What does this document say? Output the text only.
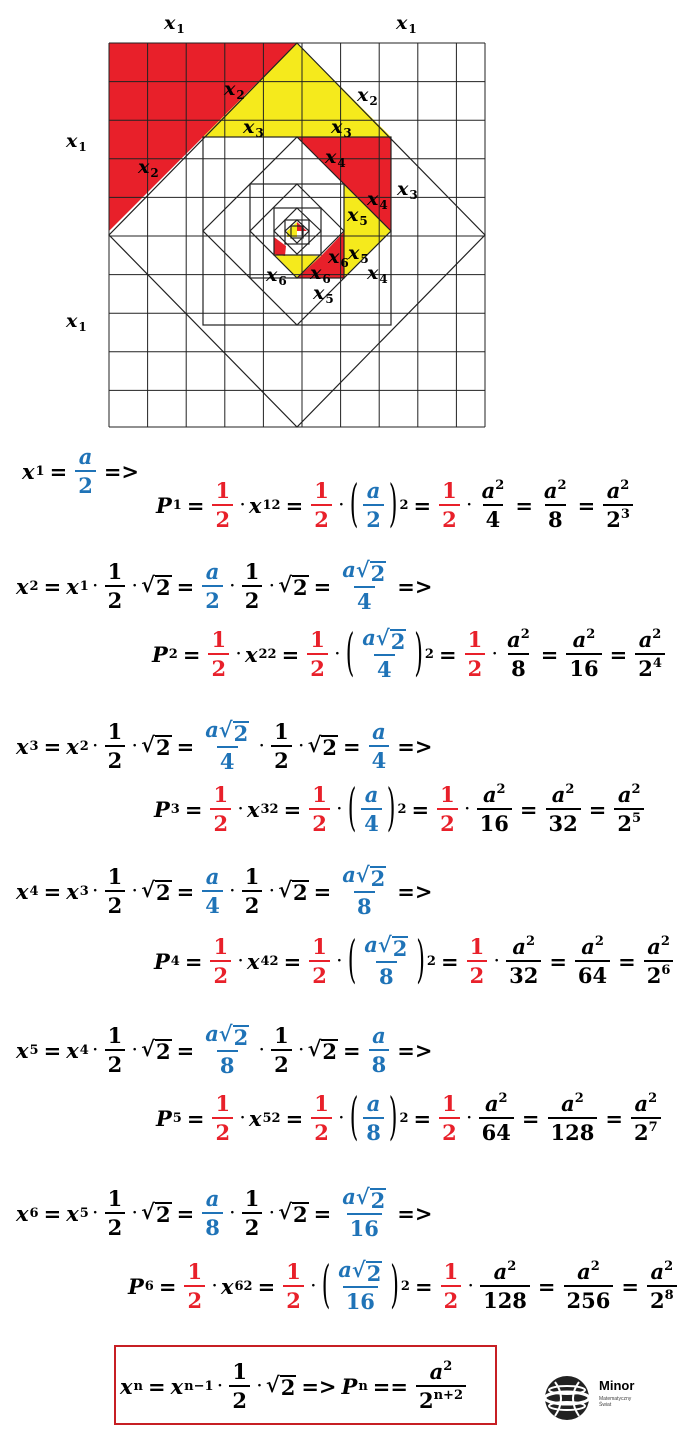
$x_1$	$x_1$
$x_1$
$x_1$
$x_2$	$x_2$
$x_2$
$x_3$	$x_3$
$x_3$
$x_4$
$x_4$
$x_4$
$x_5$
$x_5$
$x_5$
$x_6$
$x_6$
$x_6$
x $1 = \frac{a}{2}$ =>
P $1 = \frac{1}{2} \cdot x$ 1 $2 = \frac{1}{2}$ · ( a
2 ) $2 = \frac{1}{2} \cdot \frac{a^2}{4} = \frac{a^2}{8} = \frac{a^2}{2^3}$
x 2 = x 1 ·
1
2
· √ $2 = \frac{a}{2}$ ·
1
2
· √ $2 = \frac{a √ 2}{4}$ =>
P $2 = \frac{1}{2} \cdot x$ 2 $2 = \frac{1}{2}$ · ( a √ 2
4 ) $2 = \frac{1}{2} \cdot \frac{a^2}{8} = \frac{a^2}{16} = \frac{a^2}{2^4}$
x 3 = x 2 ·
1
2
· √ $2 = \frac{a √ 2}{4}$ ·
1
2
· √ $2 = \frac{a}{4}$ =>
P $3 = \frac{1}{2} \cdot x$ 3 $2 = \frac{1}{2}$ · ( a
4 ) $2 = \frac{1}{2} \cdot \frac{a^2}{16} = \frac{a^2}{32} = \frac{a^2}{2^5}$
x 4 = x 3 ·
1
2
· √ $2 = \frac{a}{4}$ ·
1
2
· √ $2 = \frac{a √ 2}{8}$ =>
P $4 = \frac{1}{2} \cdot x$ 4 $2 = \frac{1}{2}$ · ( a √ 2
8 ) $2 = \frac{1}{2} \cdot \frac{a^2}{32} = \frac{a^2}{64} = \frac{a^2}{2^6}$
x 5 = x 4 ·
1
2
· √ $2 = \frac{a √ 2}{8}$ ·
1
2
· √ $2 = \frac{a}{8}$ =>
P $5 = \frac{1}{2} \cdot x$ 5 $2 = \frac{1}{2}$ · ( a
8 ) $2 = \frac{1}{2} \cdot \frac{a^2}{64} = \frac{a^2}{128} = \frac{a^2}{2^7}$
x 6 = x 5 ·
1
2
· √ $2 = \frac{a}{8}$ ·
1
2
· √ $2 = \frac{a √ 2}{16}$ =>
P $6 = \frac{1}{2} \cdot x$ 6 $2 = \frac{1}{2}$ · ( a √ 2
16 ) $2 = \frac{1}{2} \cdot \frac{a^2}{128} = \frac{a^2}{256} = \frac{a^2}{2^8}$
x n = x n−1 ·
1
2
· √ 2 => P $n == \frac{a^2}{2^{n+2}}$	Minor
Matematyczny Świat
